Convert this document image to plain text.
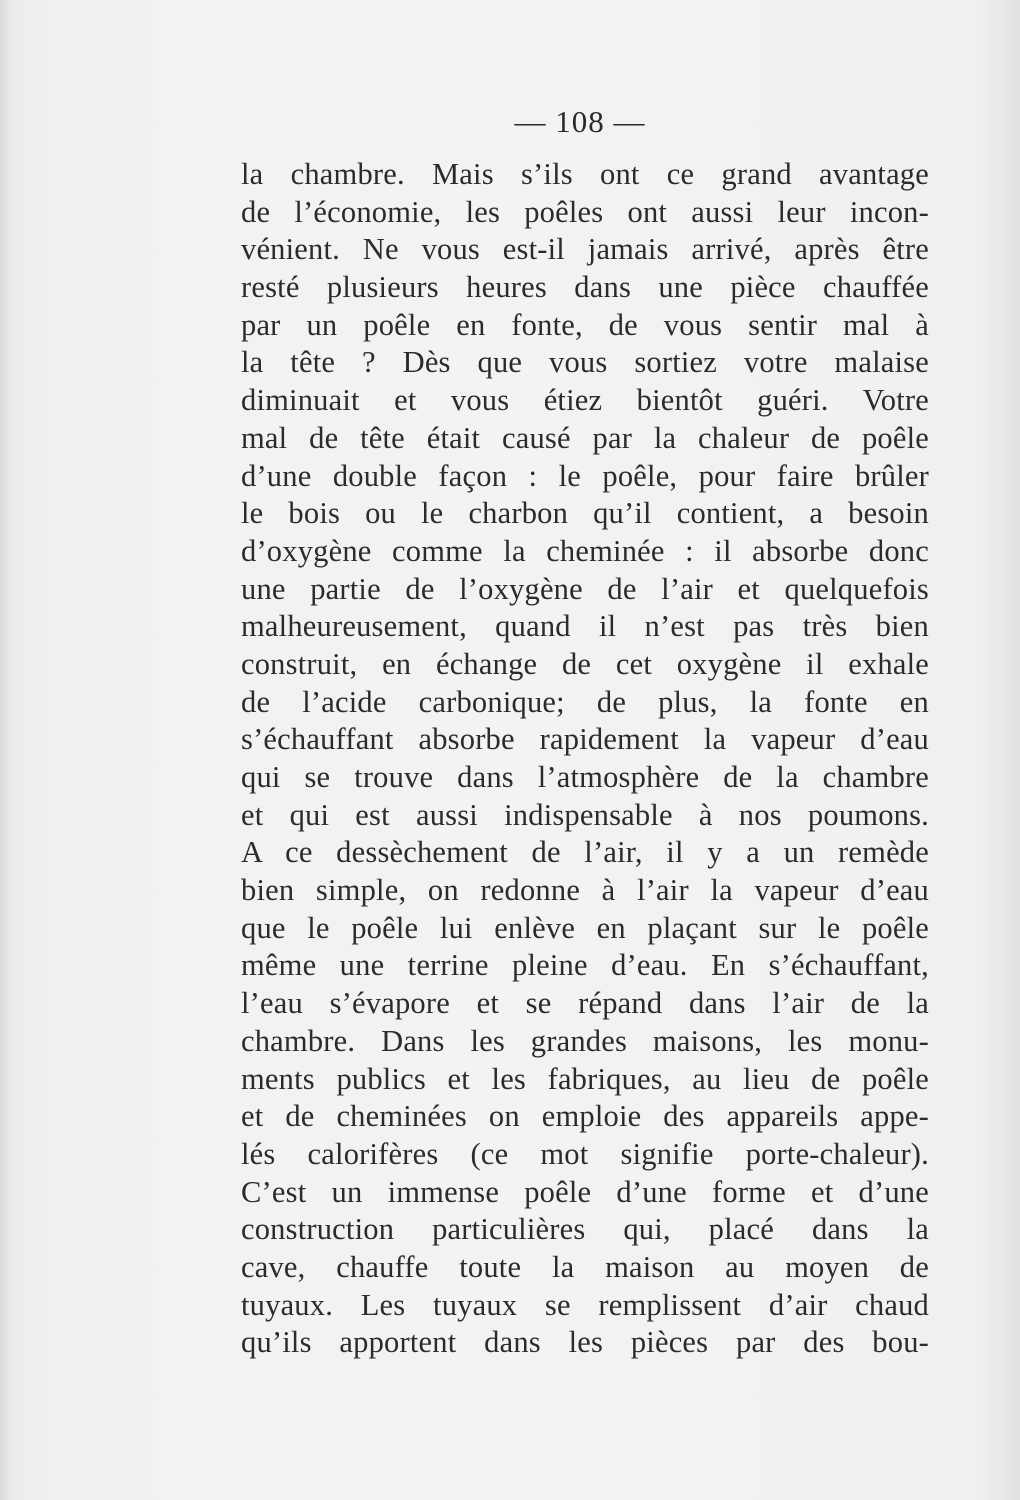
— 108 —
la chambre. Mais s’ils ont ce grand avantage
de l’économie, les poêles ont aussi leur incon-
vénient. Ne vous est-il jamais arrivé, après être
resté plusieurs heures dans une pièce chauffée
par un poêle en fonte, de vous sentir mal à
la tête ? Dès que vous sortiez votre malaise
diminuait et vous étiez bientôt guéri. Votre
mal de tête était causé par la chaleur de poêle
d’une double façon : le poêle, pour faire brûler
le bois ou le charbon qu’il contient, a besoin
d’oxygène comme la cheminée : il absorbe donc
une partie de l’oxygène de l’air et quelquefois
malheureusement, quand il n’est pas très bien
construit, en échange de cet oxygène il exhale
de l’acide carbonique; de plus, la fonte en
s’échauffant absorbe rapidement la vapeur d’eau
qui se trouve dans l’atmosphère de la chambre
et qui est aussi indispensable à nos poumons.
A ce dessèchement de l’air, il y a un remède
bien simple, on redonne à l’air la vapeur d’eau
que le poêle lui enlève en plaçant sur le poêle
même une terrine pleine d’eau. En s’échauffant,
l’eau s’évapore et se répand dans l’air de la
chambre. Dans les grandes maisons, les monu-
ments publics et les fabriques, au lieu de poêle
et de cheminées on emploie des appareils appe-
lés calorifères (ce mot signifie porte-chaleur).
C’est un immense poêle d’une forme et d’une
construction particulières qui, placé dans la
cave, chauffe toute la maison au moyen de
tuyaux. Les tuyaux se remplissent d’air chaud
qu’ils apportent dans les pièces par des bou-
